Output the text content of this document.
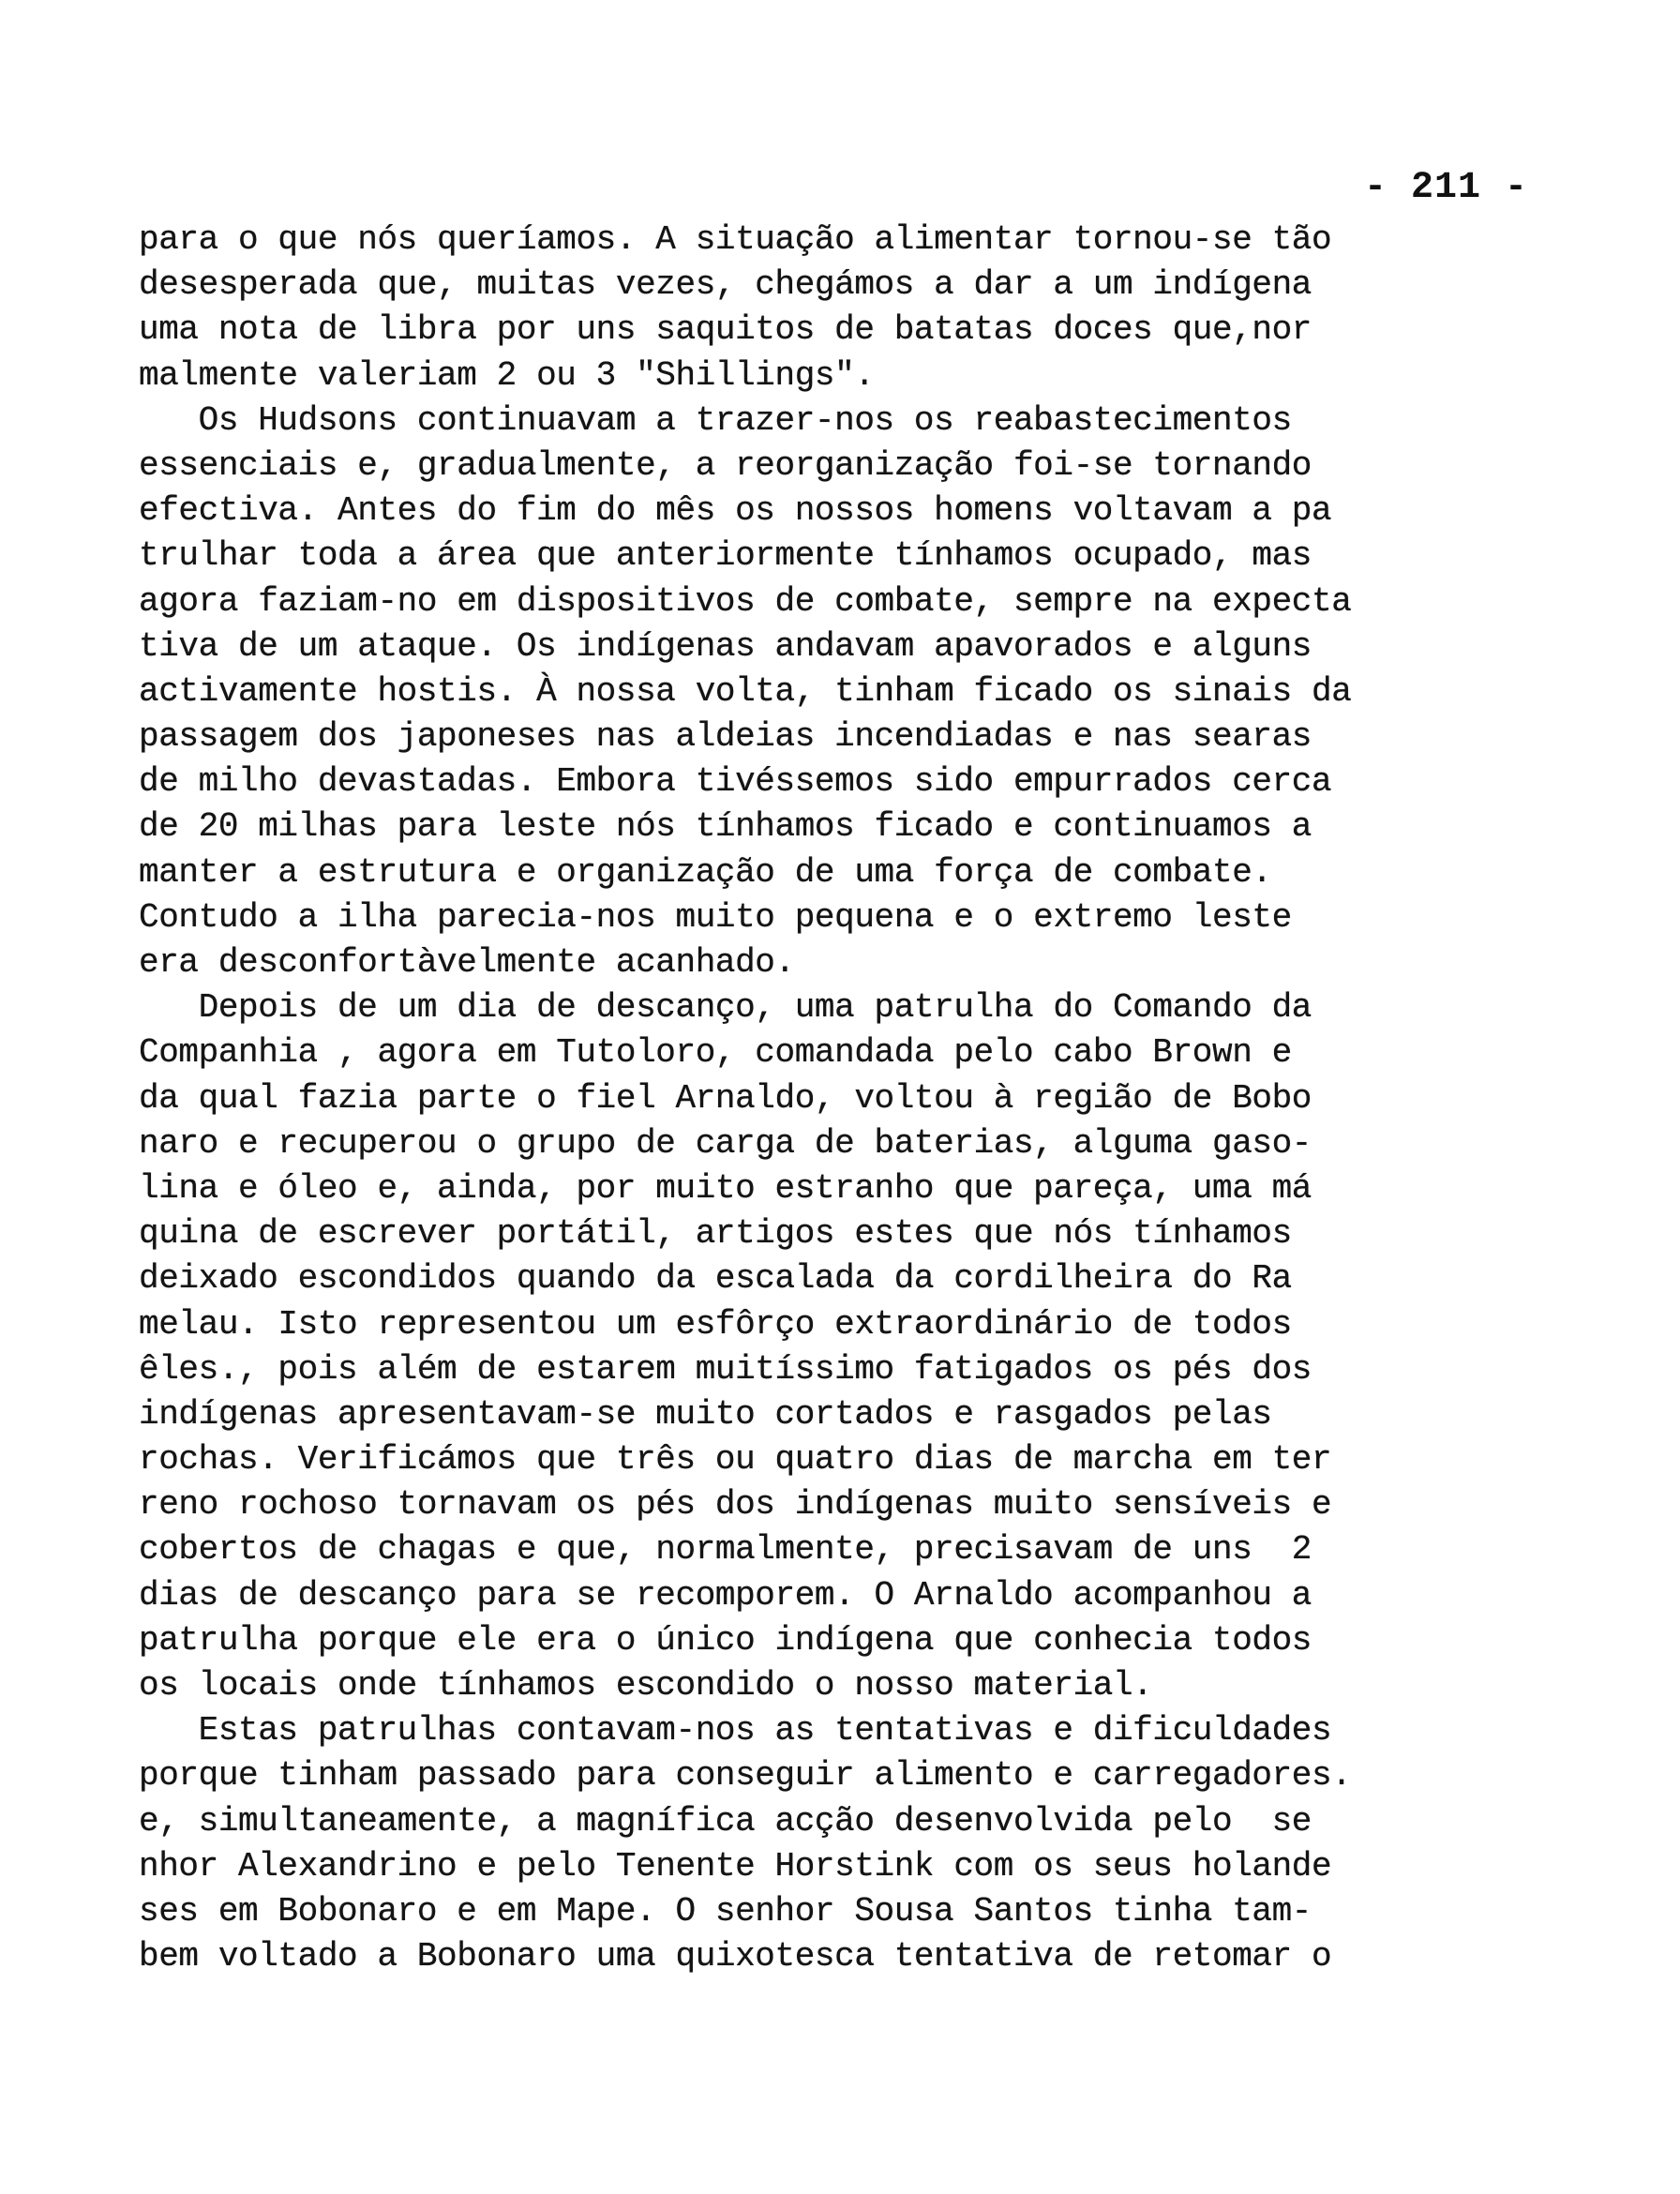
- 211 -
para o que nós queríamos. A situação alimentar tornou-se tão
desesperada que, muitas vezes, chegámos a dar a um indígena
uma nota de libra por uns saquitos de batatas doces que,nor
malmente valeriam 2 ou 3 "Shillings".
Os Hudsons continuavam a trazer-nos os reabastecimentos
essenciais e, gradualmente, a reorganização foi-se tornando
efectiva. Antes do fim do mês os nossos homens voltavam a pa
trulhar toda a área que anteriormente tínhamos ocupado, mas
agora faziam-no em dispositivos de combate, sempre na expecta
tiva de um ataque. Os indígenas andavam apavorados e alguns
activamente hostis. À nossa volta, tinham ficado os sinais da
passagem dos japoneses nas aldeias incendiadas e nas searas
de milho devastadas. Embora tivéssemos sido empurrados cerca
de 20 milhas para leste nós tínhamos ficado e continuamos a
manter a estrutura e organização de uma força de combate.
Contudo a ilha parecia-nos muito pequena e o extremo leste
era desconfortàvelmente acanhado.
Depois de um dia de descanço, uma patrulha do Comando da
Companhia , agora em Tutoloro, comandada pelo cabo Brown e
da qual fazia parte o fiel Arnaldo, voltou à região de Bobo
naro e recuperou o grupo de carga de baterias, alguma gaso-
lina e óleo e, ainda, por muito estranho que pareça, uma má
quina de escrever portátil, artigos estes que nós tínhamos
deixado escondidos quando da escalada da cordilheira do Ra
melau. Isto representou um esfôrço extraordinário de todos
êles., pois além de estarem muitíssimo fatigados os pés dos
indígenas apresentavam-se muito cortados e rasgados pelas
rochas. Verificámos que três ou quatro dias de marcha em ter
reno rochoso tornavam os pés dos indígenas muito sensíveis e
cobertos de chagas e que, normalmente, precisavam de uns  2
dias de descanço para se recomporem. O Arnaldo acompanhou a
patrulha porque ele era o único indígena que conhecia todos
os locais onde tínhamos escondido o nosso material.
Estas patrulhas contavam-nos as tentativas e dificuldades
porque tinham passado para conseguir alimento e carregadores.
e, simultaneamente, a magnífica acção desenvolvida pelo  se
nhor Alexandrino e pelo Tenente Horstink com os seus holande
ses em Bobonaro e em Mape. O senhor Sousa Santos tinha tam-
bem voltado a Bobonaro uma quixotesca tentativa de retomar o
